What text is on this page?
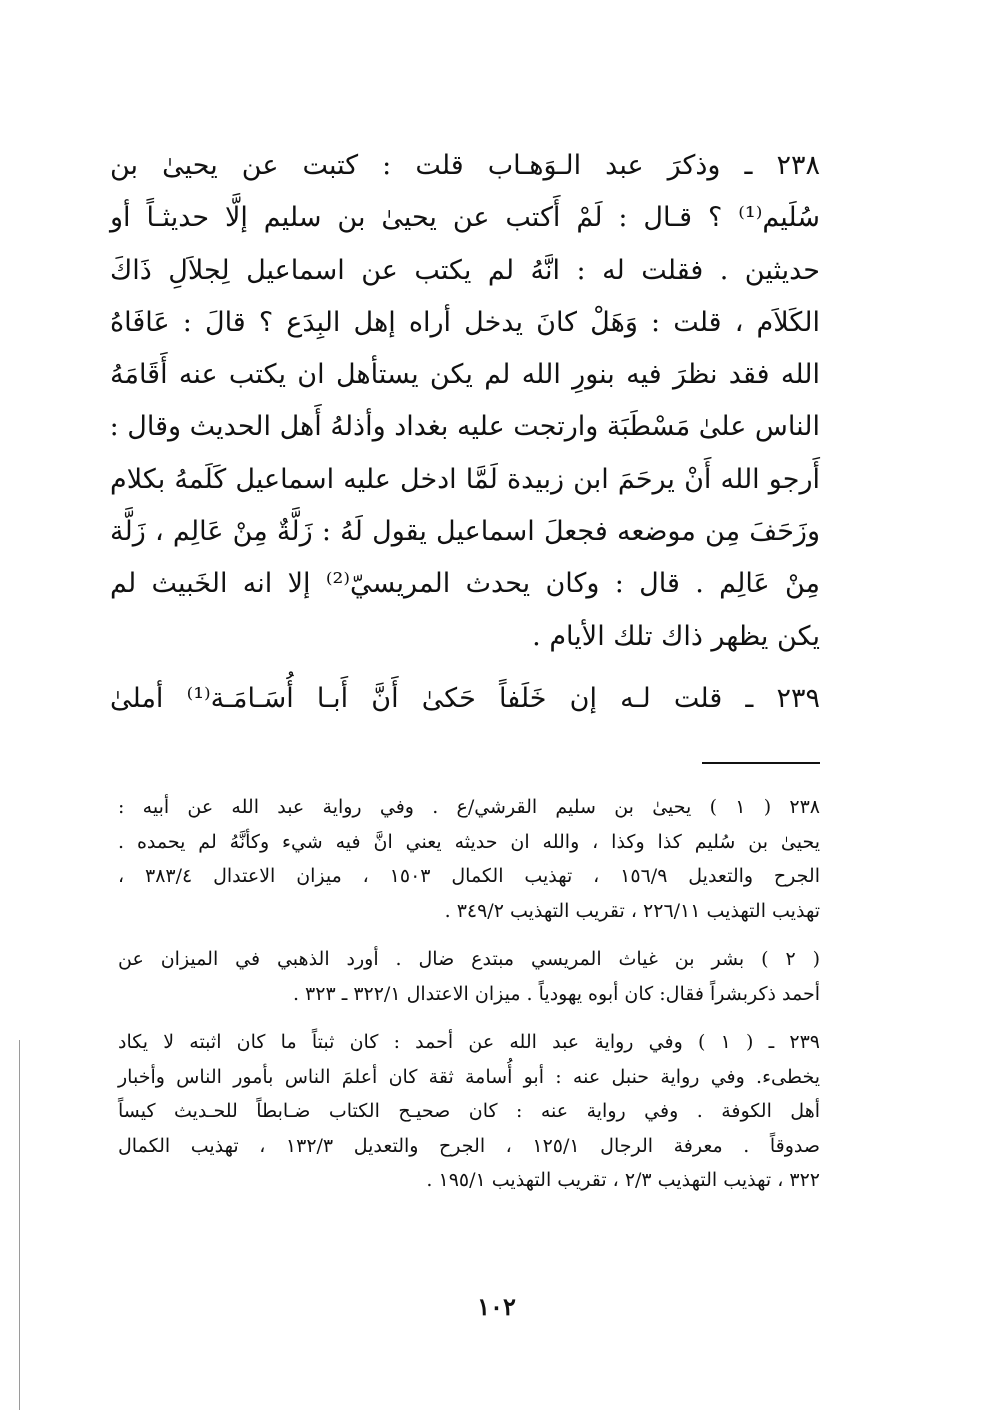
٢٣٨ ـ وذكرَ عبد الـوَهـاب قلت : كتبت عن يحيىٰ بن
سُلَيم⁽¹⁾ ؟ قـال : لَمْ أَكتب عن يحيىٰ بن سليم إلَّا حديثـاً أو
حديثين . فقلت له : انَّهُ لم يكتب عن اسماعيل لِجلاَلِ ذَاكَ
الكَلاَم ، قلت : وَهَلْ كانَ يدخل أراه إهل البِدَع ؟ قالَ : عَافَاهُ
الله فقد نظرَ فيه بنورِ الله لم يكن يستأهل ان يكتب عنه أَقَامَهُ
الناس علىٰ مَسْطَبَة وارتجت عليه بغداد وأذلهُ أَهل الحديث وقال :
أَرجو الله أَنْ يرحَمَ ابن زبيدة لَمَّا ادخل عليه اسماعيل كَلَمهُ بكلام
وزَحَفَ مِن موضعه فجعلَ اسماعيل يقول لَهُ : زَلَّةٌ مِنْ عَالِم ، زَلَّة
مِنْ عَالِم . قال : وكان يحدث المريسيّ⁽²⁾ إلا انه الخَبيث لم
يكن يظهر ذاك تلك الأيام .

٢٣٩ ـ قلت لـه إن خَلَفاً حَكىٰ أَنَّ أَبـا أُسَـامَـة⁽¹⁾ أملىٰ

٢٣٨ ( ١ ) يحيىٰ بن سليم القرشي/ع . وفي رواية عبد الله عن أبيه :
يحيىٰ بن سُليم كذا وكذا ، والله ان حديثه يعني انَّ فيه شيء وكأنَّهُ لم يحمده .
الجرح والتعديل ١٥٦/٩ ، تهذيب الكمال ١٥٠٣ ، ميزان الاعتدال ٣٨٣/٤ ،
تهذيب التهذيب ٢٢٦/١١ ، تقريب التهذيب ٣٤٩/٢ .

( ٢ ) بشر بن غياث المريسي مبتدع ضال . أورد الذهبي في الميزان عن
أحمد ذكربشراً فقال: كان أبوه يهودياً . ميزان الاعتدال ٣٢٢/١ ـ ٣٢٣ .

٢٣٩ ـ ( ١ ) وفي رواية عبد الله عن أحمد : كان ثبتاً ما كان اثبته لا يكاد
يخطىء. وفي رواية حنبل عنه : أبو أُسامة ثقة كان أعلمَ الناس بأمور الناس وأخبار
أهل الكوفة . وفي رواية عنه : كان صحيـح الكتاب ضـابطاً للحـديث كيساً
صدوقاً . معرفة الرجال ١٢٥/١ ، الجرح والتعديل ١٣٢/٣ ، تهذيب الكمال
٣٢٢ ، تهذيب التهذيب ٢/٣ ، تقريب التهذيب ١٩٥/١ .

١٠٢
